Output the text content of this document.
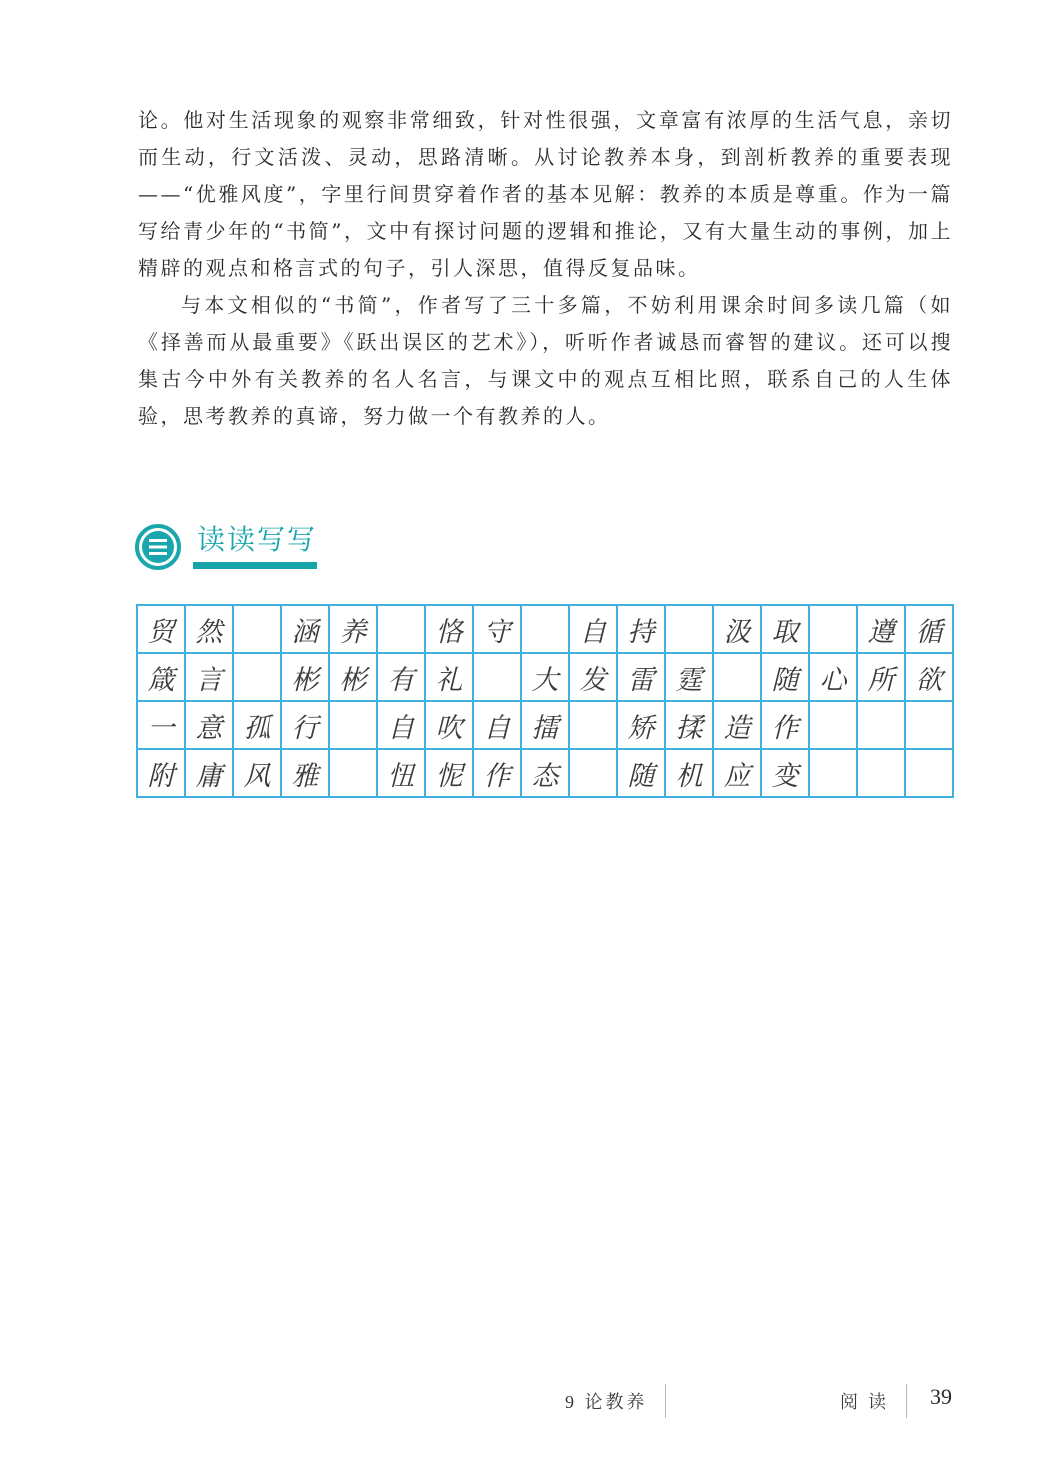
论。他对生活现象的观察非常细致，针对性很强，文章富有浓厚的生活气息，亲切而生动，行文活泼、灵动，思路清晰。从讨论教养本身，到剖析教养的重要表现——“优雅风度”，字里行间贯穿着作者的基本见解：教养的本质是尊重。作为一篇写给青少年的“书简”，文中有探讨问题的逻辑和推论，又有大量生动的事例，加上精辟的观点和格言式的句子，引人深思，值得反复品味。

与本文相似的“书简”，作者写了三十多篇，不妨利用课余时间多读几篇（如《择善而从最重要》《跃出误区的艺术》），听听作者诚恳而睿智的建议。还可以搜集古今中外有关教养的名人名言，与课文中的观点互相比照，联系自己的人生体验，思考教养的真谛，努力做一个有教养的人。

读读写写
贸 然	涵 养	恪 守	自 持	汲 取	遵 循
箴 言	彬 彬 有 礼	大 发 雷 霆	随 心 所 欲
一 意 孤 行	自 吹 自 擂	矫 揉 造 作
附 庸 风 雅	忸 怩 作 态	随 机 应 变
9 论教养	阅读 39
